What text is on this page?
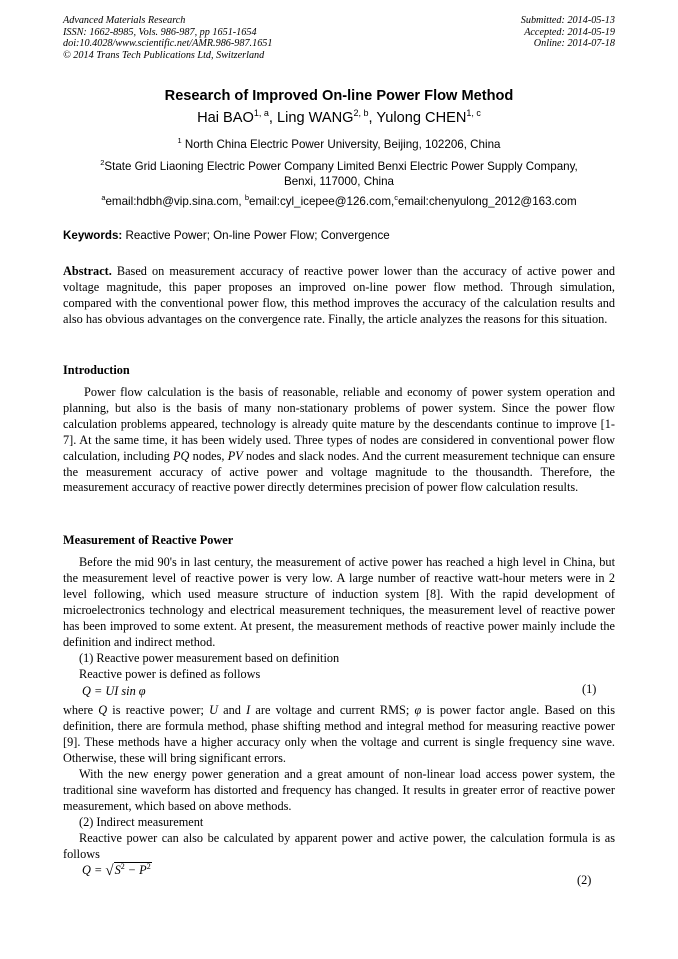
Advanced Materials Research
ISSN: 1662-8985, Vols. 986-987, pp 1651-1654
doi:10.4028/www.scientific.net/AMR.986-987.1651
© 2014 Trans Tech Publications Ltd, Switzerland
Submitted: 2014-05-13
Accepted: 2014-05-19
Online: 2014-07-18
Research of Improved On-line Power Flow Method
Hai BAO$^{1, a}$, Ling WANG$^{2, b}$, Yulong CHEN$^{1, c}$
$^1$ North China Electric Power University, Beijing, 102206, China
$^2$State Grid Liaoning Electric Power Company Limited Benxi Electric Power Supply Company,
Benxi, 117000, China
$^a$email:hdbh@vip.sina.com, $^b$email:cyl_icepee@126.com,$^c$email:chenyulong_2012@163.com
Keywords: Reactive Power; On-line Power Flow; Convergence

Abstract. Based on measurement accuracy of reactive power lower than the accuracy of active power and voltage magnitude, this paper proposes an improved on-line power flow method. Through simulation, compared with the conventional power flow, this method improves the accuracy of the calculation results and also has obvious advantages on the convergence rate. Finally, the article analyzes the reasons for this situation.

Introduction

Power flow calculation is the basis of reasonable, reliable and economy of power system operation and planning, but also is the basis of many non-stationary problems of power system. Since the power flow calculation problems appeared, technology is already quite mature by the descendants continue to improve [1-7]. At the same time, it has been widely used. Three types of nodes are considered in conventional power flow calculation, including PQ nodes, PV nodes and slack nodes. And the current measurement technique can ensure the measurement accuracy of active power and voltage magnitude to the thousandth. Therefore, the measurement accuracy of reactive power directly determines precision of power flow calculation results.

Measurement of Reactive Power

Before the mid 90's in last century, the measurement of active power has reached a high level in China, but the measurement level of reactive power is very low. A large number of reactive watt-hour meters were in 2 level following, which used measure structure of induction system [8]. With the rapid development of microelectronics technology and electrical measurement techniques, the measurement level of reactive power has been improved to some extent. At present, the measurement methods of reactive power mainly include the definition and indirect method.

(1) Reactive power measurement based on definition
Reactive power is defined as follows
Q = UI sin φ	(1)

where Q is reactive power; U and I are voltage and current RMS; φ is power factor angle. Based on this definition, there are formula method, phase shifting method and integral method for measuring reactive power [9]. These methods have a higher accuracy only when the voltage and current is single frequency sine wave. Otherwise, these will bring significant errors.

With the new energy power generation and a great amount of non-linear load access power system, the traditional sine waveform has distorted and frequency has changed. It results in greater error of reactive power measurement, which based on above methods.

(2) Indirect measurement

Reactive power can also be calculated by apparent power and active power, the calculation formula is as follows

$Q = √S^2 - P^2$
(2)
